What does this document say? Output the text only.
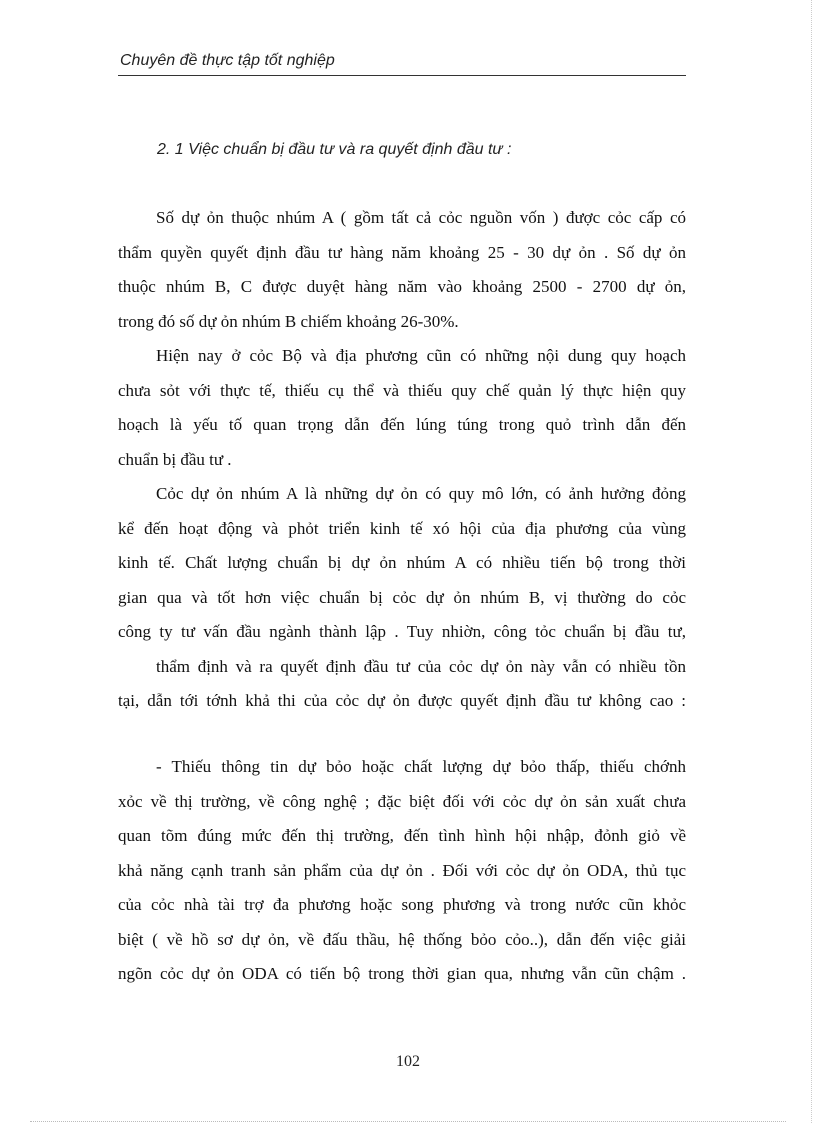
Chuyên đề thực tập tốt nghiệp
2. 1 Việc chuẩn bị đầu tư và ra quyết định đầu tư :
Số dự ỏn thuộc nhúm A ( gồm tất cả cỏc nguồn vốn ) được cỏc cấp có
thẩm quyền quyết định đầu tư hàng năm khoảng 25 - 30 dự ỏn . Số dự ỏn
thuộc nhúm B, C được duyệt hàng năm vào khoảng 2500 - 2700 dự ỏn,
trong đó số dự ỏn nhúm B chiếm khoảng 26-30%.
Hiện nay ở cỏc Bộ và địa phương cũn có những nội dung quy hoạch
chưa sỏt với thực tế, thiếu cụ thể và thiếu quy chế quản lý thực hiện quy
hoạch là yếu tố quan trọng dẫn đến lúng túng trong quỏ trình dẫn đến
chuẩn bị đầu tư .
Cỏc dự ỏn nhúm A là những dự ỏn có quy mô lớn, có ảnh hưởng đỏng
kể đến hoạt động và phỏt triển kinh tế xó hội của địa phương của vùng
kinh tế. Chất lượng chuẩn bị dự ỏn nhúm A có nhiều tiến bộ trong thời
gian qua và tốt hơn việc chuẩn bị cỏc dự ỏn nhúm B, vị thường do cỏc
công ty tư vấn đầu ngành thành lập . Tuy nhiờn, công tỏc chuẩn bị đầu tư,
thẩm định và ra quyết định đầu tư của cỏc dự ỏn này vẫn có nhiều tồn
tại, dẫn tới tớnh khả thi của cỏc dự ỏn được quyết định đầu tư không cao :
- Thiếu thông tin dự bỏo hoặc chất lượng dự bỏo thấp, thiếu chớnh
xỏc về thị trường, về công nghệ ; đặc biệt đối với cỏc dự ỏn sản xuất chưa
quan tõm đúng mức đến thị trường, đến tình hình hội nhập, đỏnh giỏ về
khả năng cạnh tranh sản phẩm của dự ỏn . Đối với cỏc dự ỏn ODA, thủ tục
của cỏc nhà tài trợ đa phương hoặc song phương và trong nước cũn khỏc
biệt ( về hồ sơ dự ỏn, về đấu thầu, hệ thống bỏo cỏo..), dẫn đến việc giải
ngõn cỏc dự ỏn ODA có tiến bộ trong thời gian qua, nhưng vẫn cũn chậm .
102
